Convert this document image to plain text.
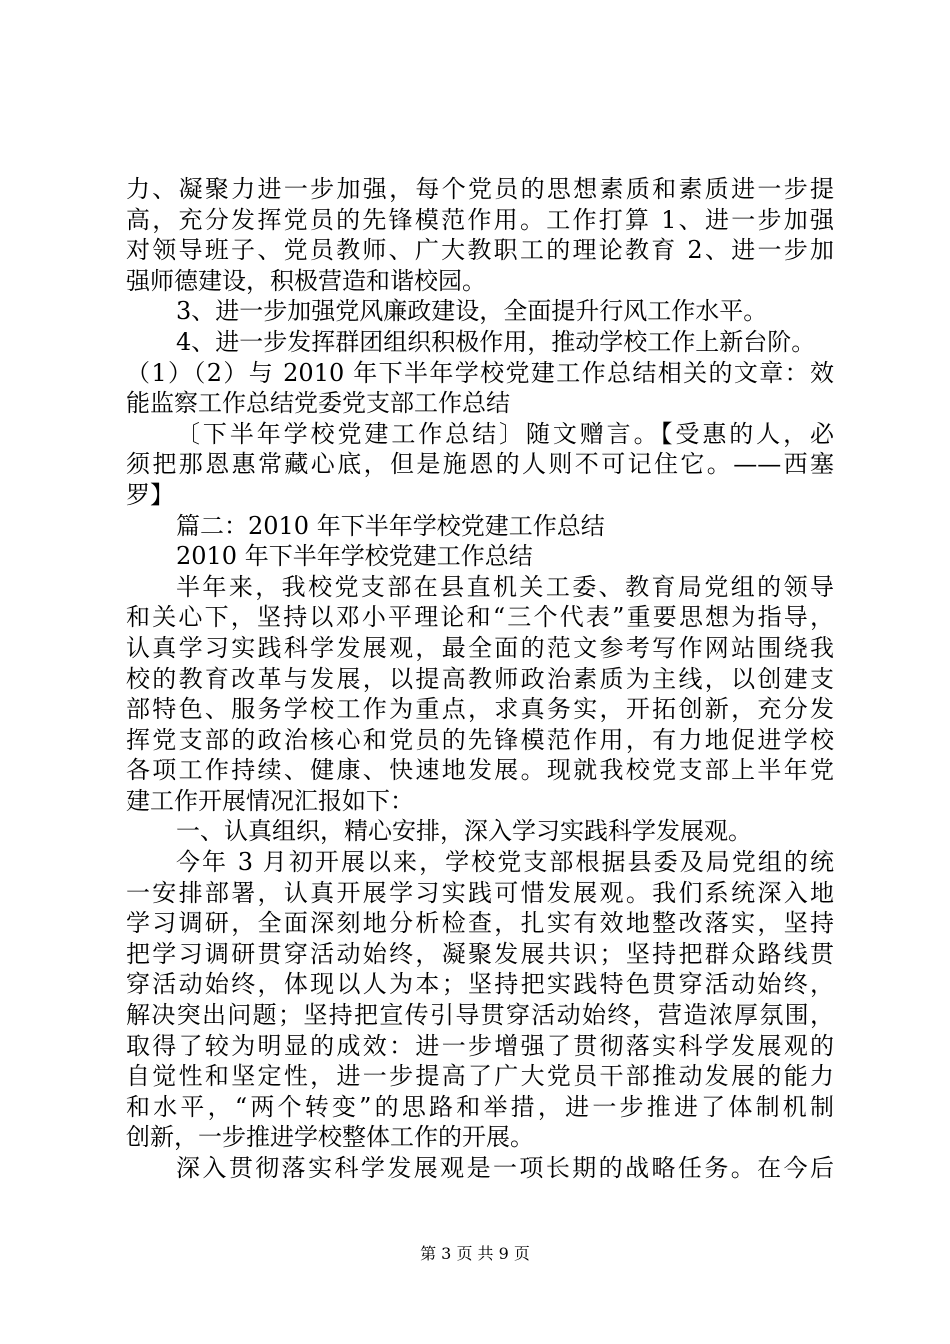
力、凝聚力进一步加强，每个党员的思想素质和素质进一步提
高，充分发挥党员的先锋模范作用。工作打算 1、进一步加强
对领导班子、党员教师、广大教职工的理论教育 2、进一步加
强师德建设，积极营造和谐校园。
3、进一步加强党风廉政建设，全面提升行风工作水平。
4、进一步发挥群团组织积极作用，推动学校工作上新台阶。
（1）（2）与 2010 年下半年学校党建工作总结相关的文章：效
能监察工作总结党委党支部工作总结
〔下半年学校党建工作总结〕随文赠言。【受惠的人，必
须把那恩惠常藏心底，但是施恩的人则不可记住它。——西塞
罗】
篇二：2010 年下半年学校党建工作总结
2010 年下半年学校党建工作总结
半年来，我校党支部在县直机关工委、教育局党组的领导
和关心下，坚持以邓小平理论和“三个代表”重要思想为指导，
认真学习实践科学发展观，最全面的范文参考写作网站围绕我
校的教育改革与发展，以提高教师政治素质为主线，以创建支
部特色、服务学校工作为重点，求真务实，开拓创新，充分发
挥党支部的政治核心和党员的先锋模范作用，有力地促进学校
各项工作持续、健康、快速地发展。现就我校党支部上半年党
建工作开展情况汇报如下：
一、认真组织，精心安排，深入学习实践科学发展观。
今年 3 月初开展以来，学校党支部根据县委及局党组的统
一安排部署，认真开展学习实践可惜发展观。我们系统深入地
学习调研，全面深刻地分析检查，扎实有效地整改落实，坚持
把学习调研贯穿活动始终，凝聚发展共识；坚持把群众路线贯
穿活动始终，体现以人为本；坚持把实践特色贯穿活动始终，
解决突出问题；坚持把宣传引导贯穿活动始终，营造浓厚氛围，
取得了较为明显的成效：进一步增强了贯彻落实科学发展观的
自觉性和坚定性，进一步提高了广大党员干部推动发展的能力
和水平，“两个转变”的思路和举措，进一步推进了体制机制
创新，一步推进学校整体工作的开展。
深入贯彻落实科学发展观是一项长期的战略任务。在今后
第 3 页 共 9 页
